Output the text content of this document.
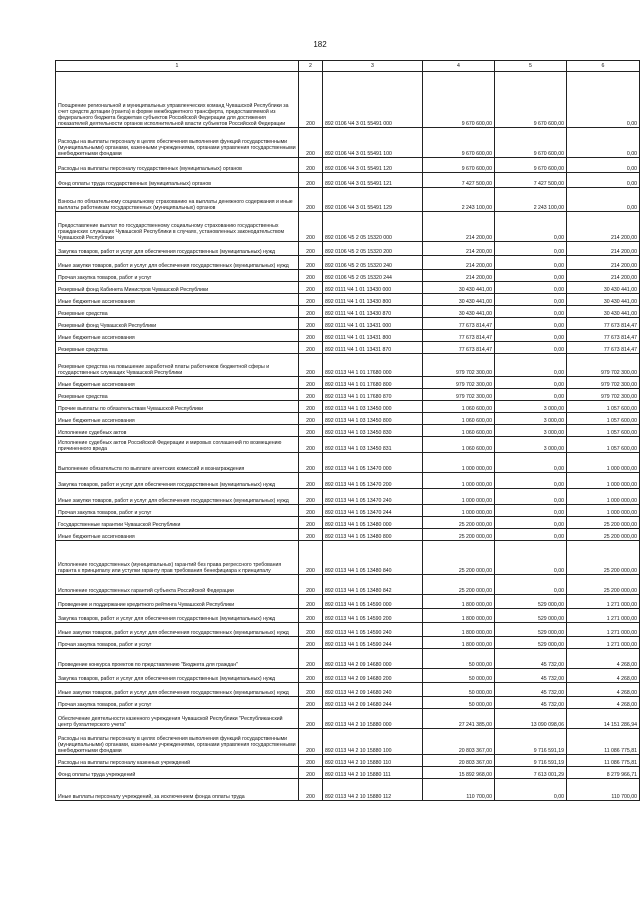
182
1	2	3	4	5	6
Поощрение региональной и муниципальных управленческих команд Чувашской Республики за счет средств дотации (гранта) в форме межбюджетного трансферта, предоставляемой из федерального бюджета бюджетам субъектов Российской Федерации для достижения показателей деятельности органов исполнительной власти субъектов Российской Федерации	200	892 0106 Ч4 3 01 55491 000	9 670 600,00	9 670 600,00	0,00
Расходы на выплаты персоналу в целях обеспечения выполнения функций государственными (муниципальными) органами, казенными учреждениями, органами управления государственными внебюджетными фондами	200	892 0106 Ч4 3 01 55491 100	9 670 600,00	9 670 600,00	0,00
Расходы на выплаты персоналу государственных (муниципальных) органов	200	892 0106 Ч4 3 01 55491 120	9 670 600,00	9 670 600,00	0,00
Фонд оплаты труда государственных (муниципальных) органов	200	892 0106 Ч4 3 01 55491 121	7 427 500,00	7 427 500,00	0,00
Взносы по обязательному социальному страхованию на выплаты денежного содержания и иные выплаты работникам государственных (муниципальных) органов	200	892 0106 Ч4 3 01 55491 129	2 243 100,00	2 243 100,00	0,00
Предоставление выплат по государственному социальному страхованию государственных гражданских служащих Чувашской Республики в случаях, установленных законодательством Чувашской Республики	200	892 0106 Ч5 2 05 15320 000	214 200,00	0,00	214 200,00
Закупка товаров, работ и услуг для обеспечения государственных (муниципальных) нужд	200	892 0106 Ч5 2 05 15320 200	214 200,00	0,00	214 200,00
Иные закупки товаров, работ и услуг для обеспечения государственных (муниципальных) нужд	200	892 0106 Ч5 2 05 15320 240	214 200,00	0,00	214 200,00
Прочая закупка товаров, работ и услуг	200	892 0106 Ч5 2 05 15320 244	214 200,00	0,00	214 200,00
Резервный фонд Кабинета Министров Чувашской Республики	200	892 0111 Ч4 1 01 13430 000	30 430 441,00	0,00	30 430 441,00
Иные бюджетные ассигнования	200	892 0111 Ч4 1 01 13430 800	30 430 441,00	0,00	30 430 441,00
Резервные средства	200	892 0111 Ч4 1 01 13430 870	30 430 441,00	0,00	30 430 441,00
Резервный фонд Чувашской Республики	200	892 0111 Ч4 1 01 13431 000	77 673 814,47	0,00	77 673 814,47
Иные бюджетные ассигнования	200	892 0111 Ч4 1 01 13431 800	77 673 814,47	0,00	77 673 814,47
Резервные средства	200	892 0111 Ч4 1 01 13431 870	77 673 814,47	0,00	77 673 814,47
Резервные средства на повышение заработной платы работников бюджетной сферы и государственных служащих Чувашской Республики	200	892 0113 Ч4 1 01 17680 000	979 702 300,00	0,00	979 702 300,00
Иные бюджетные ассигнования	200	892 0113 Ч4 1 01 17680 800	979 702 300,00	0,00	979 702 300,00
Резервные средства	200	892 0113 Ч4 1 01 17680 870	979 702 300,00	0,00	979 702 300,00
Прочие выплаты по обязательствам Чувашской Республики	200	892 0113 Ч4 1 03 13450 000	1 060 600,00	3 000,00	1 057 600,00
Иные бюджетные ассигнования	200	892 0113 Ч4 1 03 13450 800	1 060 600,00	3 000,00	1 057 600,00
Исполнение судебных актов	200	892 0113 Ч4 1 03 13450 830	1 060 600,00	3 000,00	1 057 600,00
Исполнение судебных актов Российской Федерации и мировых соглашений по возмещению причиненного вреда	200	892 0113 Ч4 1 03 13450 831	1 060 600,00	3 000,00	1 057 600,00
Выполнение обязательств по выплате агентских комиссий и вознаграждения	200	892 0113 Ч4 1 05 13470 000	1 000 000,00	0,00	1 000 000,00
Закупка товаров, работ и услуг для обеспечения государственных (муниципальных) нужд	200	892 0113 Ч4 1 05 13470 200	1 000 000,00	0,00	1 000 000,00
Иные закупки товаров, работ и услуг для обеспечения государственных (муниципальных) нужд	200	892 0113 Ч4 1 05 13470 240	1 000 000,00	0,00	1 000 000,00
Прочая закупка товаров, работ и услуг	200	892 0113 Ч4 1 05 13470 244	1 000 000,00	0,00	1 000 000,00
Государственные гарантии Чувашской Республики	200	892 0113 Ч4 1 05 13480 000	25 200 000,00	0,00	25 200 000,00
Иные бюджетные ассигнования	200	892 0113 Ч4 1 05 13480 800	25 200 000,00	0,00	25 200 000,00
Исполнение государственных (муниципальных) гарантий без права регрессного требования гаранта к принципалу или уступки гаранту прав требования бенефициара к принципалу	200	892 0113 Ч4 1 05 13480 840	25 200 000,00	0,00	25 200 000,00
Исполнение государственных гарантий субъекта Российской Федерации	200	892 0113 Ч4 1 05 13480 842	25 200 000,00	0,00	25 200 000,00
Проведение и поддержание кредитного рейтинга Чувашской Республики	200	892 0113 Ч4 1 05 14590 000	1 800 000,00	529 000,00	1 271 000,00
Закупка товаров, работ и услуг для обеспечения государственных (муниципальных) нужд	200	892 0113 Ч4 1 05 14590 200	1 800 000,00	529 000,00	1 271 000,00
Иные закупки товаров, работ и услуг для обеспечения государственных (муниципальных) нужд	200	892 0113 Ч4 1 05 14590 240	1 800 000,00	529 000,00	1 271 000,00
Прочая закупка товаров, работ и услуг	200	892 0113 Ч4 1 05 14590 244	1 800 000,00	529 000,00	1 271 000,00
Проведение конкурса проектов по представлению "Бюджета для граждан"	200	892 0113 Ч4 2 09 14680 000	50 000,00	45 732,00	4 268,00
Закупка товаров, работ и услуг для обеспечения государственных (муниципальных) нужд	200	892 0113 Ч4 2 09 14680 200	50 000,00	45 732,00	4 268,00
Иные закупки товаров, работ и услуг для обеспечения государственных (муниципальных) нужд	200	892 0113 Ч4 2 09 14680 240	50 000,00	45 732,00	4 268,00
Прочая закупка товаров, работ и услуг	200	892 0113 Ч4 2 09 14680 244	50 000,00	45 732,00	4 268,00
Обеспечение деятельности казенного учреждения Чувашской Республики "Республиканский центр бухгалтерского учета"	200	892 0113 Ч4 2 10 15880 000	27 241 385,00	13 090 098,06	14 151 286,94
Расходы на выплаты персоналу в целях обеспечения выполнения функций государственными (муниципальными) органами, казенными учреждениями, органами управления государственными внебюджетными фондами	200	892 0113 Ч4 2 10 15880 100	20 803 367,00	9 716 591,19	11 086 775,81
Расходы на выплаты персоналу казенных учреждений	200	892 0113 Ч4 2 10 15880 110	20 803 367,00	9 716 591,19	11 086 775,81
Фонд оплаты труда учреждений	200	892 0113 Ч4 2 10 15880 111	15 892 968,00	7 613 001,29	8 279 966,71
Иные выплаты персоналу учреждений, за исключением фонда оплаты труда	200	892 0113 Ч4 2 10 15880 112	110 700,00	0,00	110 700,00
